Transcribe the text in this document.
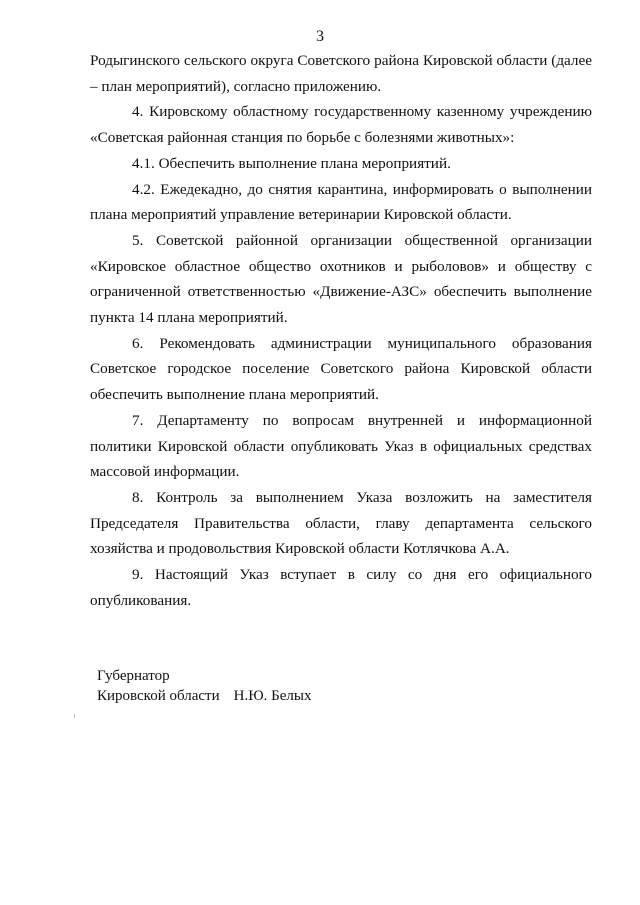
3

Родыгинского сельского округа Советского района Кировской области (далее – план мероприятий), согласно приложению.

4. Кировскому областному государственному казенному учреждению «Советская районная станция по борьбе с болезнями животных»:

4.1. Обеспечить выполнение плана мероприятий.

4.2. Ежедекадно, до снятия карантина, информировать о выполнении плана мероприятий управление ветеринарии Кировской области.

5. Советской районной организации общественной организации «Кировское областное общество охотников и рыболовов» и обществу с ограниченной ответственностью «Движение-АЗС» обеспечить выполнение пункта 14 плана мероприятий.

6. Рекомендовать администрации муниципального образования Советское городское поселение Советского района Кировской области обеспечить выполнение плана мероприятий.

7. Департаменту по вопросам внутренней и информационной политики Кировской области опубликовать Указ в официальных средствах массовой информации.

8. Контроль за выполнением Указа возложить на заместителя Председателя Правительства области, главу департамента сельского хозяйства и продовольствия Кировской области Котлячкова А.А.

9. Настоящий Указ вступает в силу со дня его официального опубликования.

Губернатор
Кировской области Н.Ю. Белых
